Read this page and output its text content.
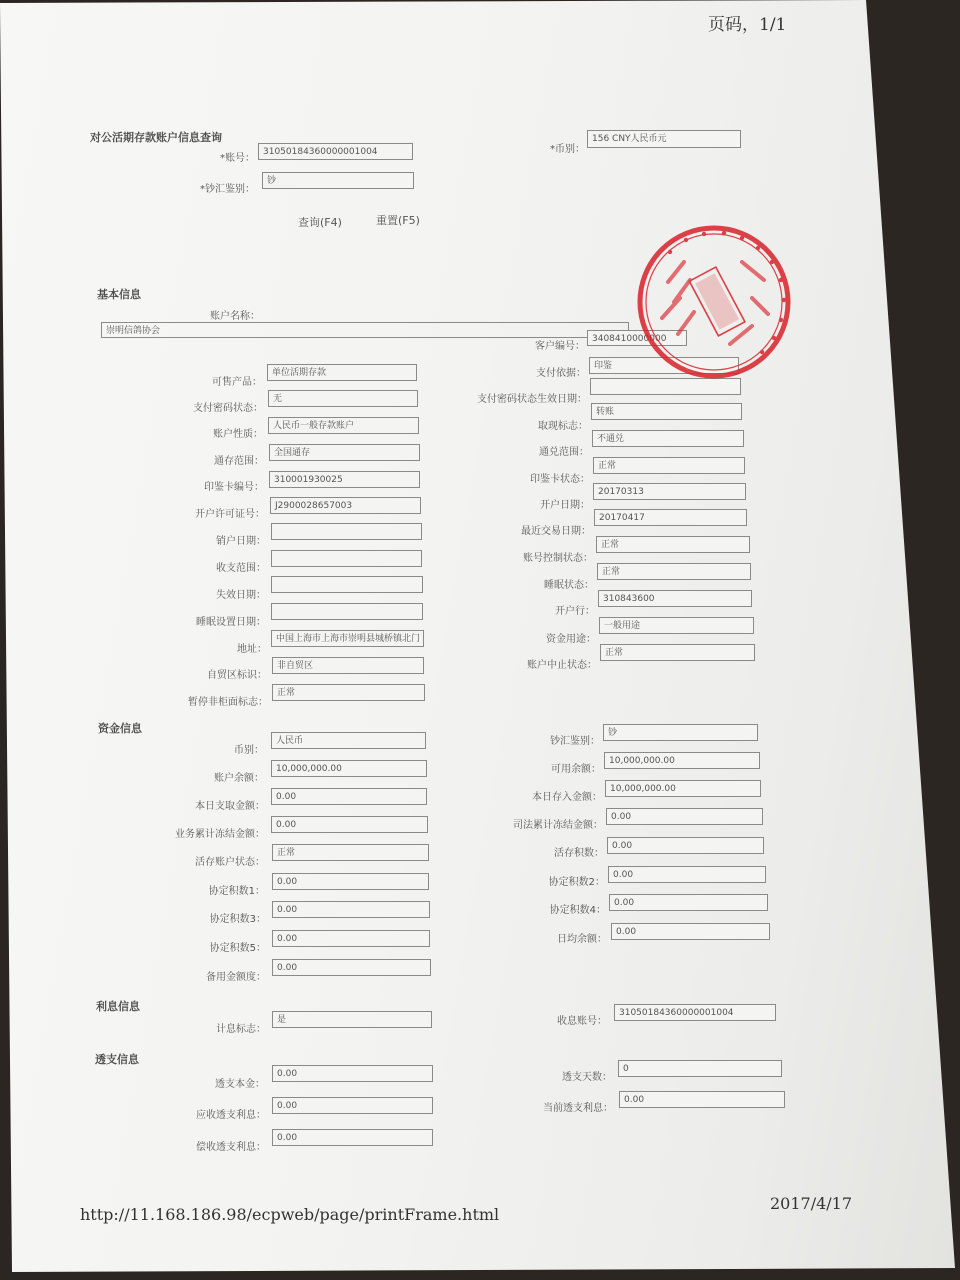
页码，1/1
对公活期存款账户信息查询
*账号：
31050184360000001004	*币别：
156 CNY人民币元
*钞汇鉴别：
钞
查询(F4)	重置(F5)
基本信息
账户名称：
崇明信鸽协会
客户编号：
3408410000000
可售产品：
单位活期存款
支付密码状态：
无
账户性质：
人民币一般存款账户
通存范围：
全国通存
印鉴卡编号：
310001930025
开户许可证号：
J2900028657003
销户日期：
收支范围：
失效日期：
睡眠设置日期：
地址：
中国上海市上海市崇明县城桥镇北门
自贸区标识：
非自贸区
暂停非柜面标志：
正常
支付依据：
印鉴
支付密码状态生效日期：
取现标志：
转账
通兑范围：
不通兑
印鉴卡状态：
正常
开户日期：
20170313
最近交易日期：
20170417
账号控制状态：
正常
睡眠状态：
正常
开户行：
310843600
资金用途：
一般用途
账户中止状态：
正常
资金信息
币别：
人民币
账户余额：
10,000,000.00
本日支取金额：
0.00
业务累计冻结金额：
0.00
活存账户状态：
正常
协定积数1：
0.00
协定积数3：
0.00
协定积数5：
0.00
备用金额度：
0.00
钞汇鉴别：
钞
可用余额：
10,000,000.00
本日存入金额：
10,000,000.00
司法累计冻结金额：
0.00
活存积数：
0.00
协定积数2：
0.00
协定积数4：
0.00
日均余额：
0.00
利息信息
计息标志：
是	收息账号：
31050184360000001004
透支信息
透支本金：
0.00
应收透支利息：
0.00
偿收透支利息：
0.00
透支天数：
0
当前透支利息：
0.00
http://11.168.186.98/ecpweb/page/printFrame.html
2017/4/17
